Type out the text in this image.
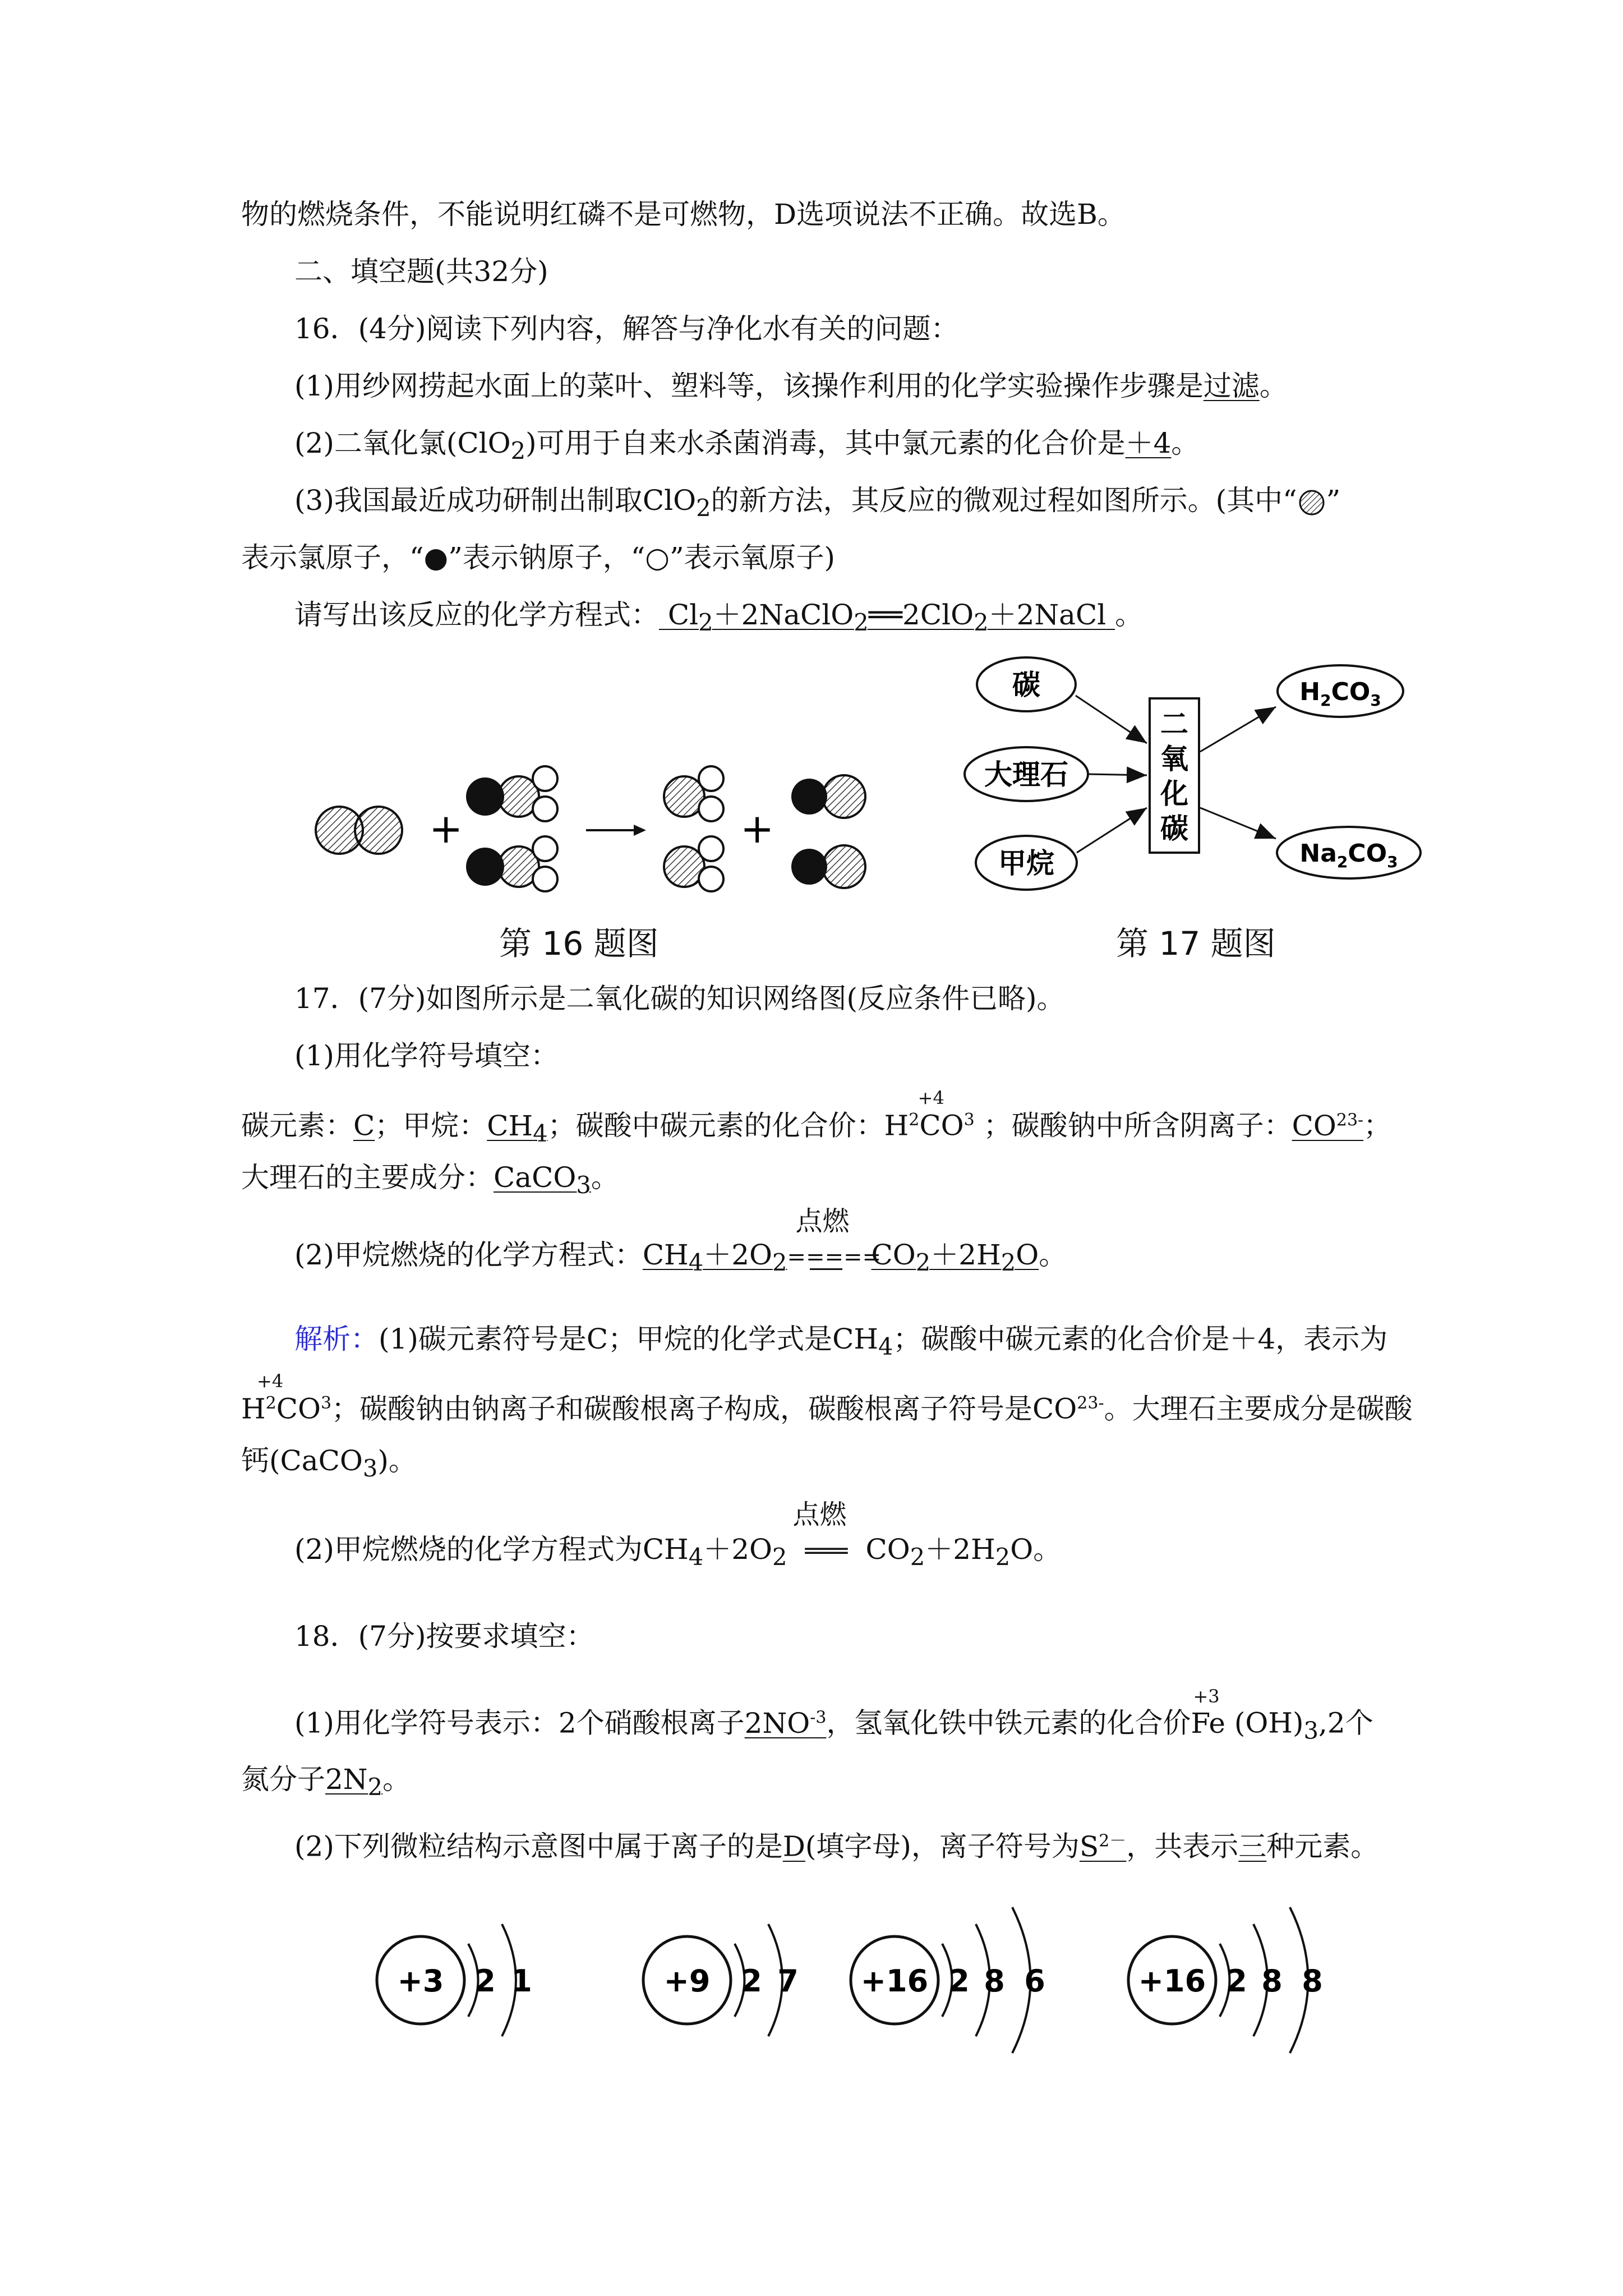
物的燃烧条件，不能说明红磷不是可燃物，D选项说法不正确。故选B。
二、填空题(共32分)
16．(4分)阅读下列内容，解答与净化水有关的问题：
(1)用纱网捞起水面上的菜叶、塑料等，该操作利用的化学实验操作步骤是过滤。
(2)二氧化氯(ClO$_2$)可用于自来水杀菌消毒，其中氯元素的化合价是＋4。
(3)我国最近成功研制出制取ClO$_2$的新方法，其反应的微观过程如图所示。(其中“ ”
表示氯原子，“●”表示钠原子，“○”表示氧原子)
请写出该反应的化学方程式： $Cl_2+2NaClO_2══2ClO_2+2NaCl$ 。
+	+
第 16 题图
碳
大理石
甲烷
二
氧
化
碳
$H_2CO_3$
$Na_2CO_3$
第 17 题图
17．(7分)如图所示是二氧化碳的知识网络图(反应条件已略)。
(1)用化学符号填空：
碳元素：C；甲烷：$CH_4$；碳酸中碳元素的化合价：
+4
$H^2CO^3$ ；碳酸钠中所含阴离子：$CO^{23-}$；
大理石的主要成分：CaCO$_3$。
(2)甲烷燃烧的化学方程式：$CH_4+2O_2$
点燃
=====
$CO_2+2H_2O$。
解析：(1)碳元素符号是C；甲烷的化学式是$CH_4$；碳酸中碳元素的化合价是＋4，表示为
+4
$H^2CO^3$；碳酸钠由钠离子和碳酸根离子构成，碳酸根离子符号是$CO^{23-}$。大理石主要成分是碳酸
钙(CaCO$_3$)。
(2)甲烷燃烧的化学方程式为$CH_4+2O_2$
点燃
═══ $CO_2+2H_2O$。
18．(7分)按要求填空：
(1)用化学符号表示：2个硝酸根离子$2NO^{-3}$，氢氧化铁中铁元素的化合价
+3
Fe $(OH)_3,2$个
氮分子$2N_2$。
(2)下列微粒结构示意图中属于离子的是D(填字母)，离子符号为$S^{2-}$，共表示三种元素。
+3 2 1	+9 2 7 +16 2 8 6	+16 2 8 8
